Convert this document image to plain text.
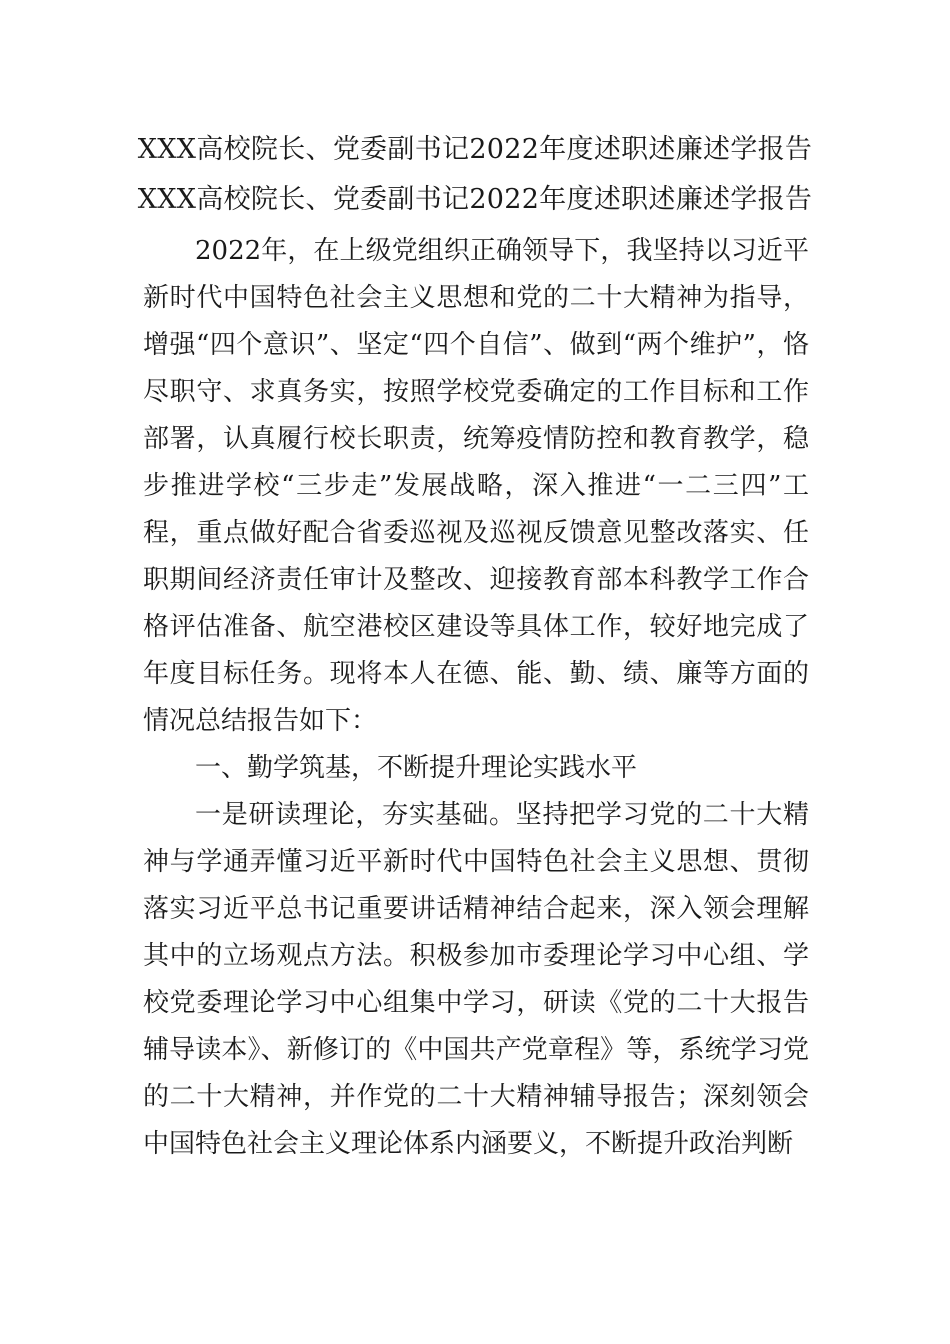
XXX高校院长、党委副书记2022年度述职述廉述学报告
XXX高校院长、党委副书记2022年度述职述廉述学报告

2022年，在上级党组织正确领导下，我坚持以习近平新时代中国特色社会主义思想和党的二十大精神为指导，增强“四个意识”、坚定“四个自信”、做到“两个维护”，恪尽职守、求真务实，按照学校党委确定的工作目标和工作部署，认真履行校长职责，统筹疫情防控和教育教学，稳步推进学校“三步走”发展战略，深入推进“一二三四”工程，重点做好配合省委巡视及巡视反馈意见整改落实、任职期间经济责任审计及整改、迎接教育部本科教学工作合格评估准备、航空港校区建设等具体工作，较好地完成了年度目标任务。现将本人在德、能、勤、绩、廉等方面的情况总结报告如下：

一、勤学筑基，不断提升理论实践水平

一是研读理论，夯实基础。坚持把学习党的二十大精神与学通弄懂习近平新时代中国特色社会主义思想、贯彻落实习近平总书记重要讲话精神结合起来，深入领会理解其中的立场观点方法。积极参加市委理论学习中心组、学校党委理论学习中心组集中学习，研读《党的二十大报告辅导读本》、新修订的《中国共产党章程》等，系统学习党的二十大精神，并作党的二十大精神辅导报告；深刻领会中国特色社会主义理论体系内涵要义，不断提升政治判断
